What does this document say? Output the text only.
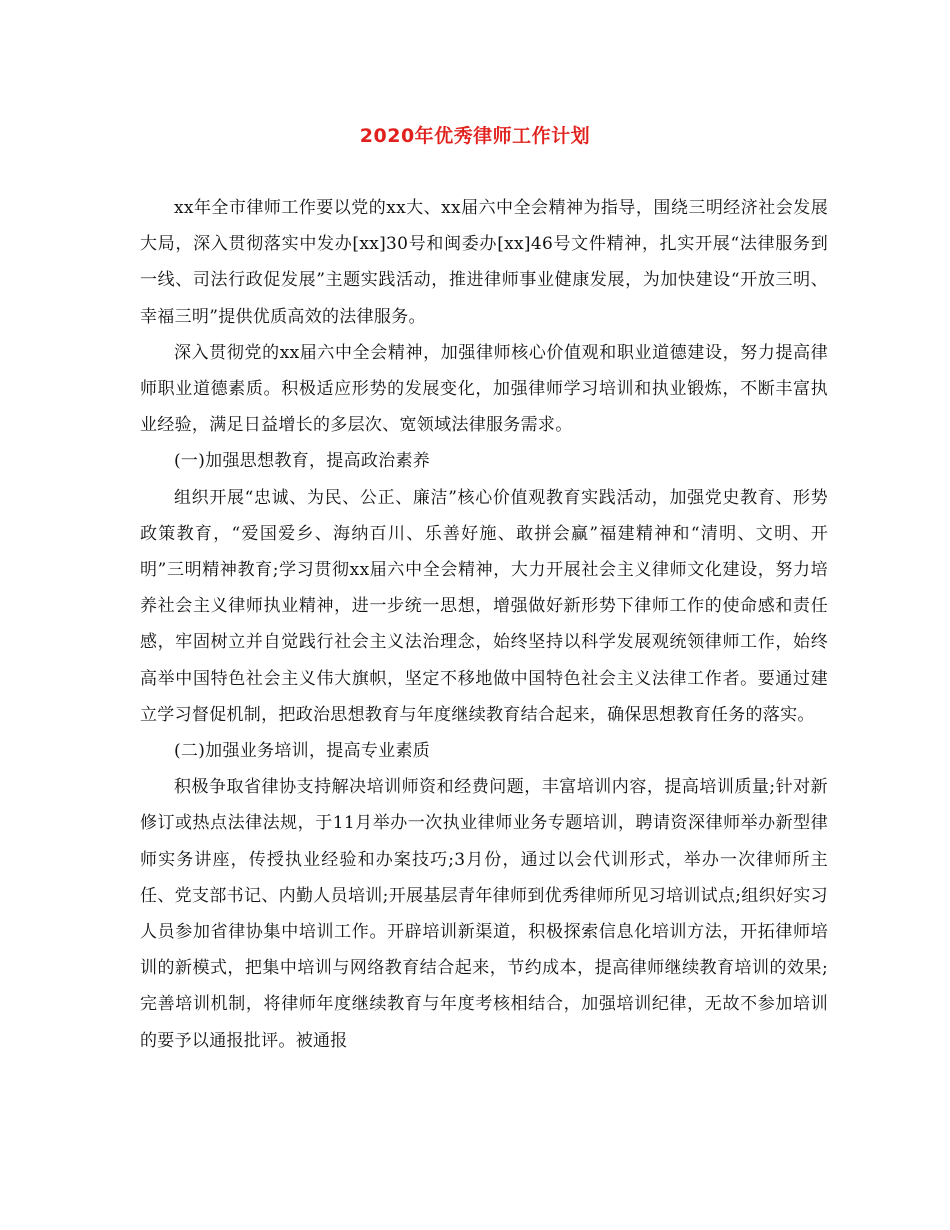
2020年优秀律师工作计划

xx年全市律师工作要以党的xx大、xx届六中全会精神为指导，围绕三明经济社会发展大局，深入贯彻落实中发办[xx]30号和闽委办[xx]46号文件精神，扎实开展“法律服务到一线、司法行政促发展”主题实践活动，推进律师事业健康发展，为加快建设“开放三明、幸福三明”提供优质高效的法律服务。

深入贯彻党的xx届六中全会精神，加强律师核心价值观和职业道德建设，努力提高律师职业道德素质。积极适应形势的发展变化，加强律师学习培训和执业锻炼，不断丰富执业经验，满足日益增长的多层次、宽领域法律服务需求。

(一)加强思想教育，提高政治素养

组织开展“忠诚、为民、公正、廉洁”核心价值观教育实践活动，加强党史教育、形势政策教育，“爱国爱乡、海纳百川、乐善好施、敢拼会赢”福建精神和“清明、文明、开明”三明精神教育;学习贯彻xx届六中全会精神，大力开展社会主义律师文化建设，努力培养社会主义律师执业精神，进一步统一思想，增强做好新形势下律师工作的使命感和责任感，牢固树立并自觉践行社会主义法治理念，始终坚持以科学发展观统领律师工作，始终高举中国特色社会主义伟大旗帜，坚定不移地做中国特色社会主义法律工作者。要通过建立学习督促机制，把政治思想教育与年度继续教育结合起来，确保思想教育任务的落实。

(二)加强业务培训，提高专业素质

积极争取省律协支持解决培训师资和经费问题，丰富培训内容，提高培训质量;针对新修订或热点法律法规，于11月举办一次执业律师业务专题培训，聘请资深律师举办新型律师实务讲座，传授执业经验和办案技巧;3月份，通过以会代训形式，举办一次律师所主任、党支部书记、内勤人员培训;开展基层青年律师到优秀律师所见习培训试点;组织好实习人员参加省律协集中培训工作。开辟培训新渠道，积极探索信息化培训方法，开拓律师培训的新模式，把集中培训与网络教育结合起来，节约成本，提高律师继续教育培训的效果;完善培训机制，将律师年度继续教育与年度考核相结合，加强培训纪律，无故不参加培训的要予以通报批评。被通报
